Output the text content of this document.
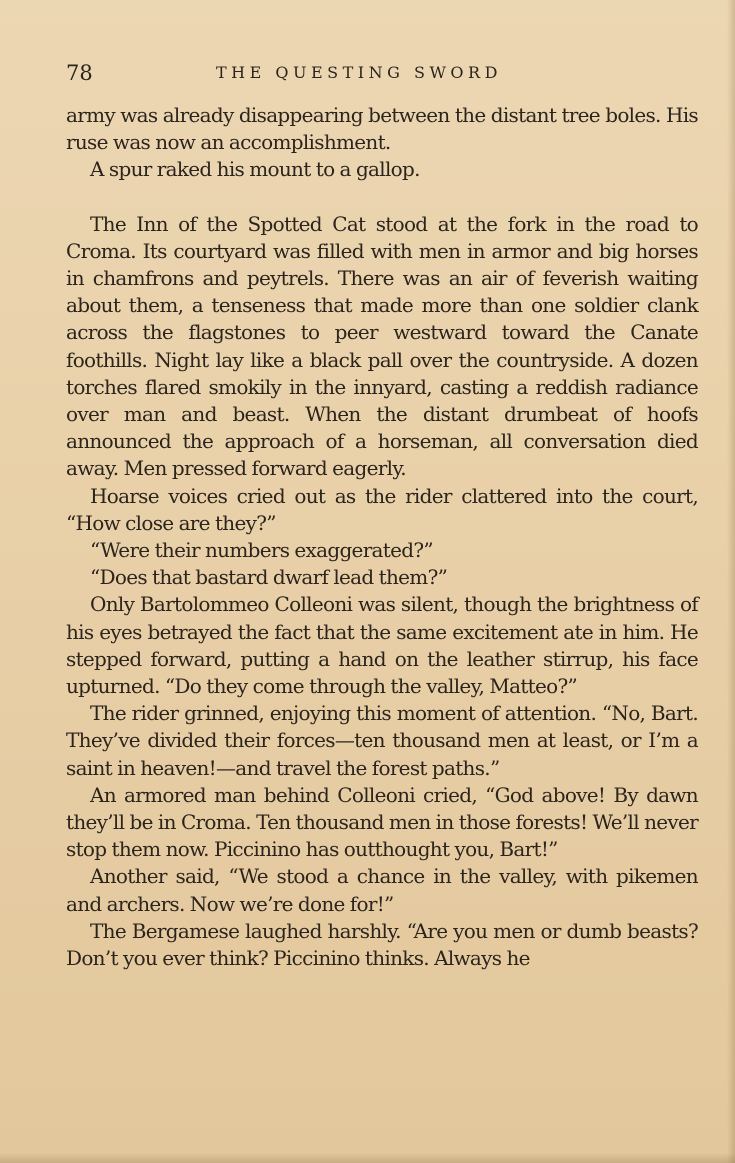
78	THE QUESTING SWORD

army was already disappearing between the distant tree boles. His ruse was now an accomplishment.

A spur raked his mount to a gallop.

The Inn of the Spotted Cat stood at the fork in the road to Croma. Its courtyard was filled with men in armor and big horses in chamfrons and peytrels. There was an air of feverish waiting about them, a tenseness that made more than one soldier clank across the flagstones to peer westward toward the Canate foothills. Night lay like a black pall over the countryside. A dozen torches flared smokily in the innyard, casting a reddish radiance over man and beast. When the distant drumbeat of hoofs announced the approach of a horseman, all conversation died away. Men pressed forward eagerly.

Hoarse voices cried out as the rider clattered into the court, “How close are they?”

“Were their numbers exaggerated?”

“Does that bastard dwarf lead them?”

Only Bartolommeo Colleoni was silent, though the brightness of his eyes betrayed the fact that the same excitement ate in him. He stepped forward, putting a hand on the leather stirrup, his face upturned. “Do they come through the valley, Matteo?”

The rider grinned, enjoying this moment of attention. “No, Bart. They’ve divided their forces—ten thousand men at least, or I’m a saint in heaven!—and travel the forest paths.”

An armored man behind Colleoni cried, “God above! By dawn they’ll be in Croma. Ten thousand men in those forests! We’ll never stop them now. Piccinino has outthought you, Bart!”

Another said, “We stood a chance in the valley, with pikemen and archers. Now we’re done for!”

The Bergamese laughed harshly. “Are you men or dumb beasts? Don’t you ever think? Piccinino thinks. Always he
